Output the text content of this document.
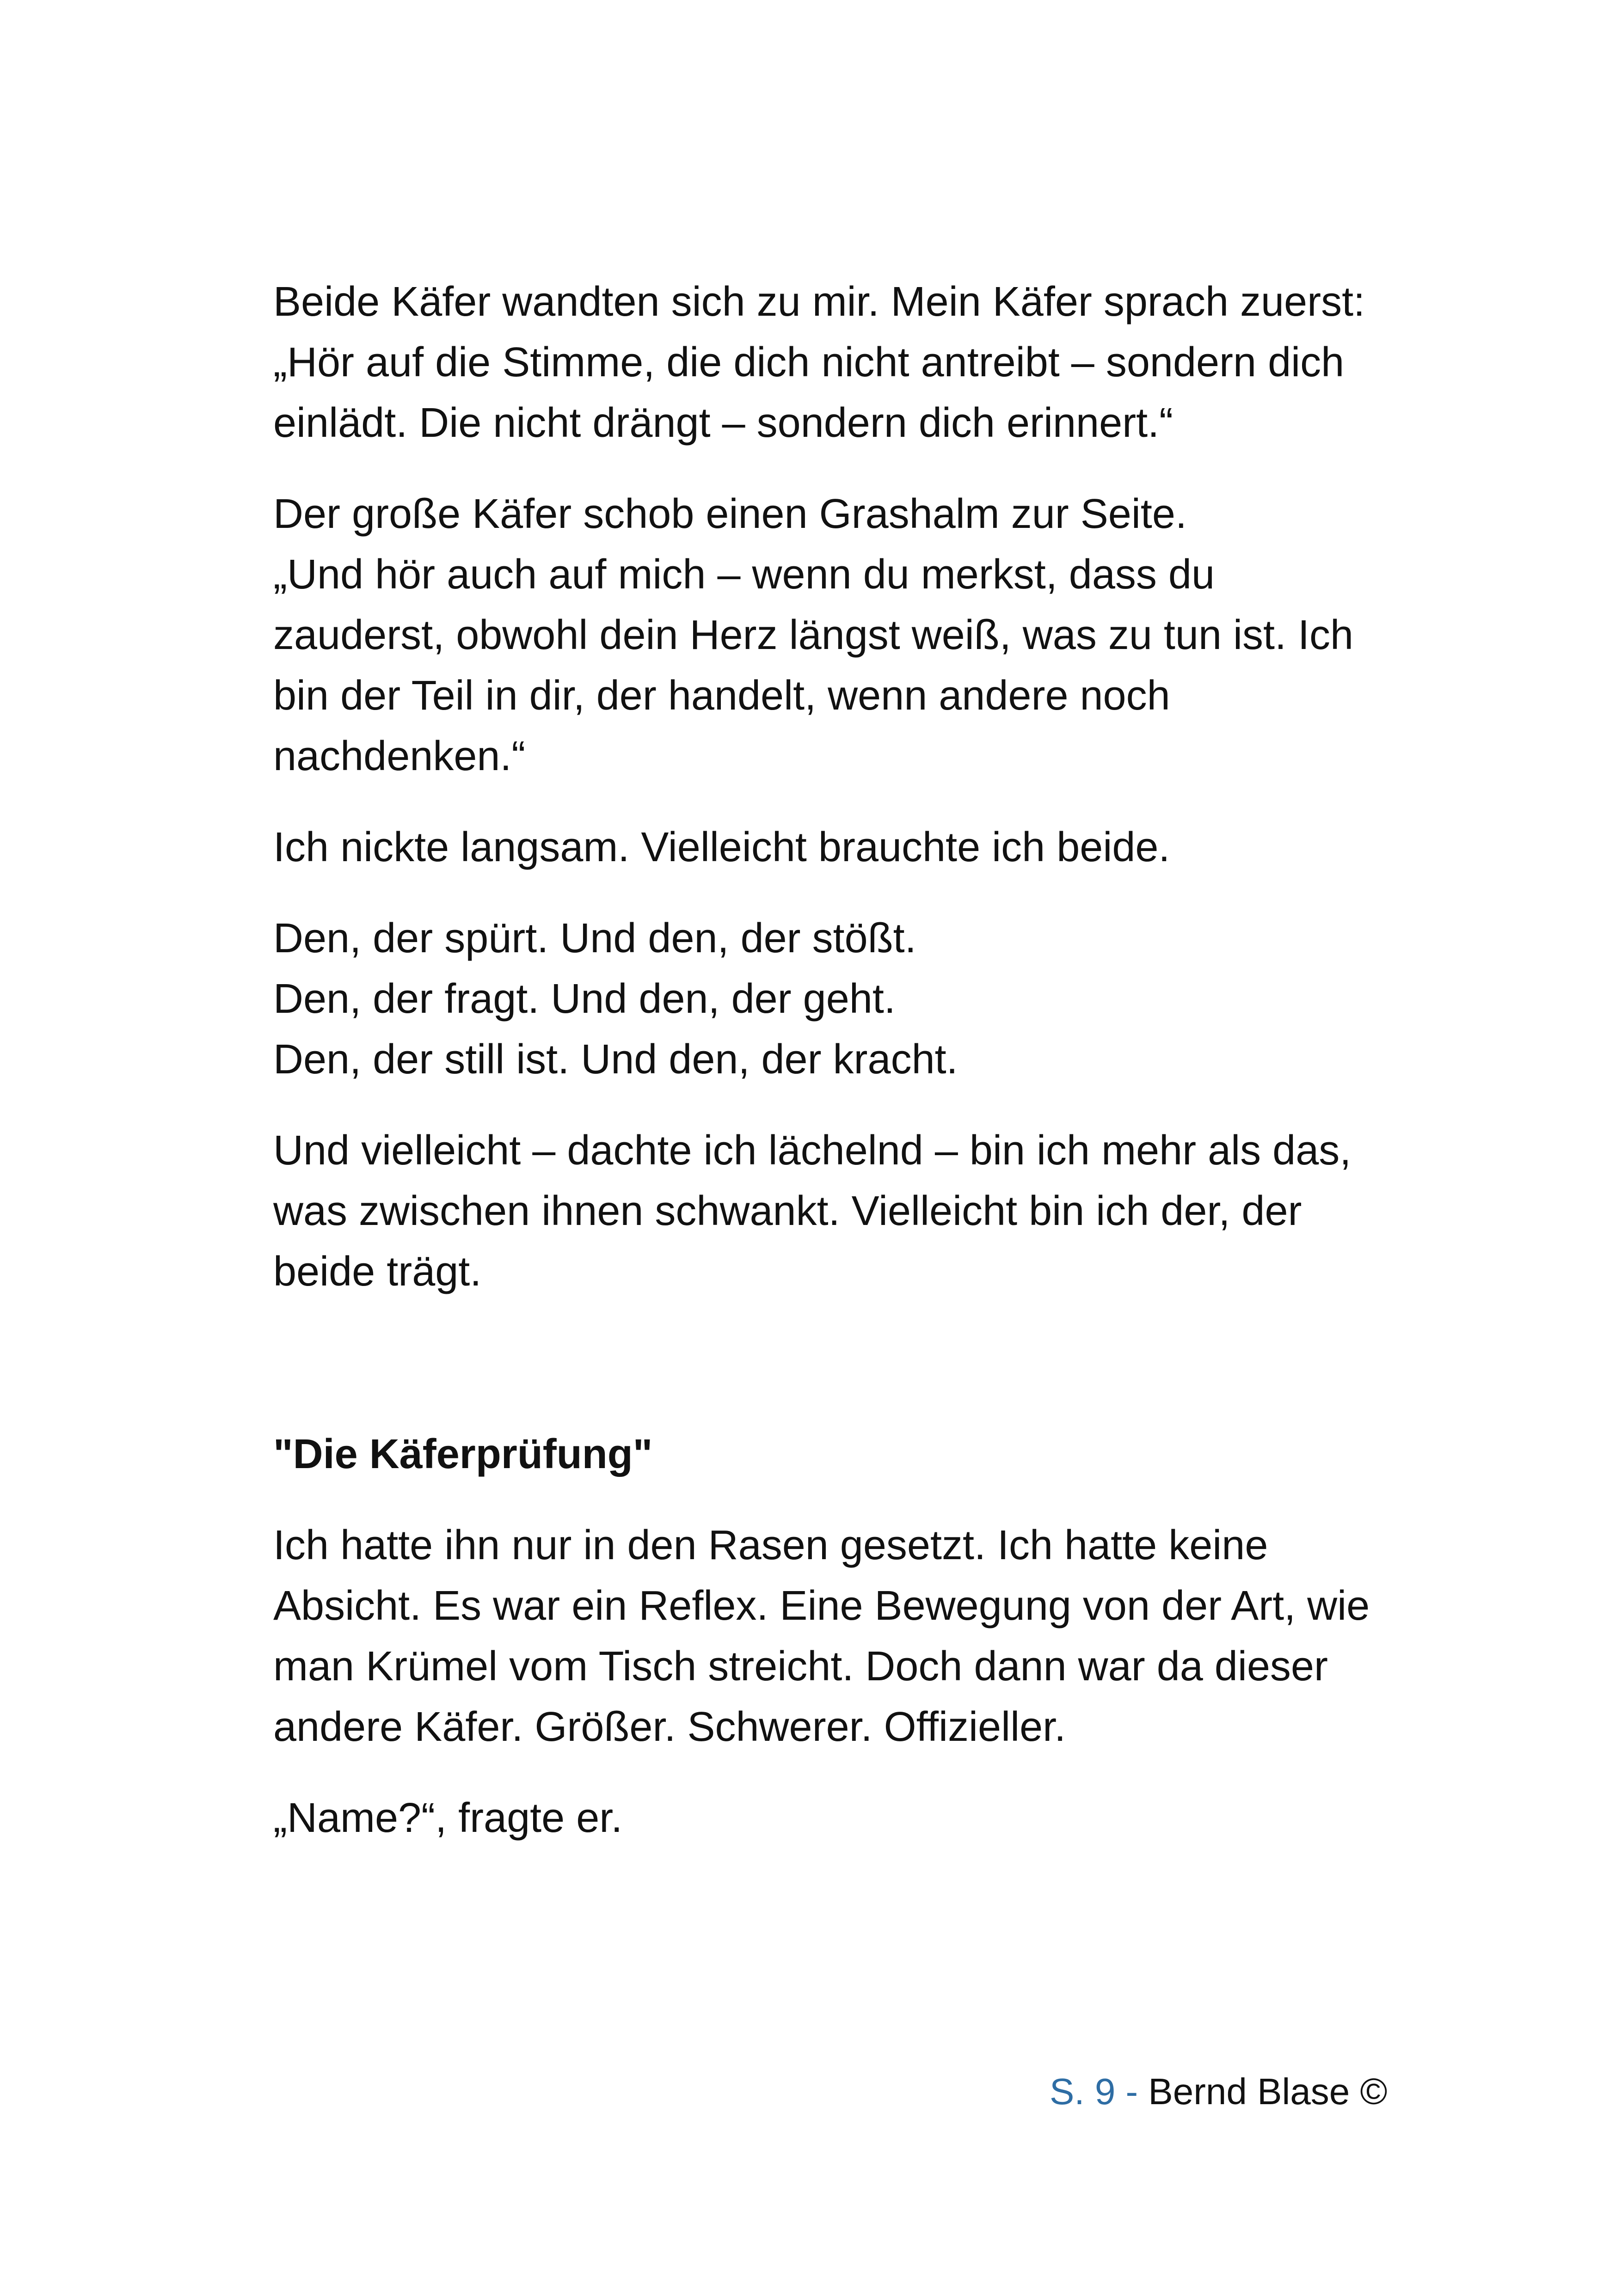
Beide Käfer wandten sich zu mir. Mein Käfer sprach zuerst:
„Hör auf die Stimme, die dich nicht antreibt – sondern dich
einlädt. Die nicht drängt – sondern dich erinnert.“

Der große Käfer schob einen Grashalm zur Seite.
„Und hör auch auf mich – wenn du merkst, dass du
zauderst, obwohl dein Herz längst weiß, was zu tun ist. Ich
bin der Teil in dir, der handelt, wenn andere noch
nachdenken.“

Ich nickte langsam. Vielleicht brauchte ich beide.

Den, der spürt. Und den, der stößt.
Den, der fragt. Und den, der geht.
Den, der still ist. Und den, der kracht.

Und vielleicht – dachte ich lächelnd – bin ich mehr als das,
was zwischen ihnen schwankt. Vielleicht bin ich der, der
beide trägt.

"Die Käferprüfung"

Ich hatte ihn nur in den Rasen gesetzt. Ich hatte keine
Absicht. Es war ein Reflex. Eine Bewegung von der Art, wie
man Krümel vom Tisch streicht. Doch dann war da dieser
andere Käfer. Größer. Schwerer. Offizieller.

„Name?“, fragte er.

S. 9 - Bernd Blase ©
